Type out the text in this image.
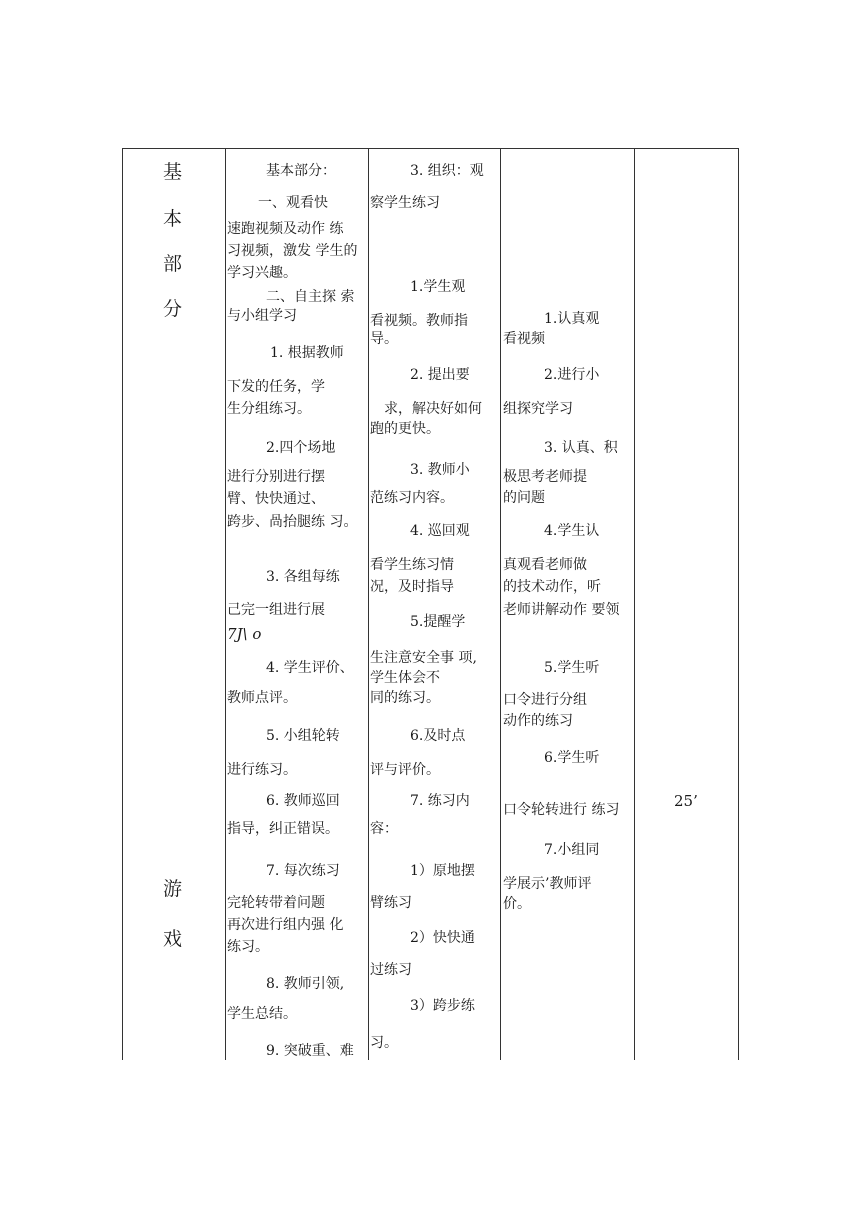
基
本
部
分
游
戏
基本部分：
一、观看快
速跑视频及动作 练
习视频，激发 学生的
学习兴趣。
二、自主探 索
与小组学习
1. 根据教师
下发的任务，学
生分组练习。
2.四个场地
进行分别进行摆
臂、快快通过、
跨步、咼抬腿练 习。
3. 各组每练
己完一组进行展
7J\ o
4. 学生评价、
教师点评。
5. 小组轮转
进行练习。
6. 教师巡回
指导，纠正错误。
7. 每次练习
完轮转带着问题
再次进行组内强 化
练习。
8. 教师引领,
学生总结。
9. 突破重、难
3. 组织：观
察学生练习
1.学生观
看视频。教师指
导。
2. 提出要
求，解决好如何
跑的更快。
3. 教师小
范练习内容。
4. 巡回观
看学生练习情
况，及时指导
5.提醒学
生注意安全事 项,
学生体会不
同的练习。
6.及时点
评与评价。
7. 练习内
容：
1）原地摆
臂练习
2）快快通
过练习
3）跨步练
习。
1.认真观
看视频
2.进行小
组探究学习
3. 认真、积
极思考老师提
的问题
4.学生认
真观看老师做
的技术动作，听
老师讲解动作 要领
5.学生听
口令进行分组
动作的练习
6.学生听
口令轮转进行 练习
7.小组同
学展示’教师评
价。
25’
